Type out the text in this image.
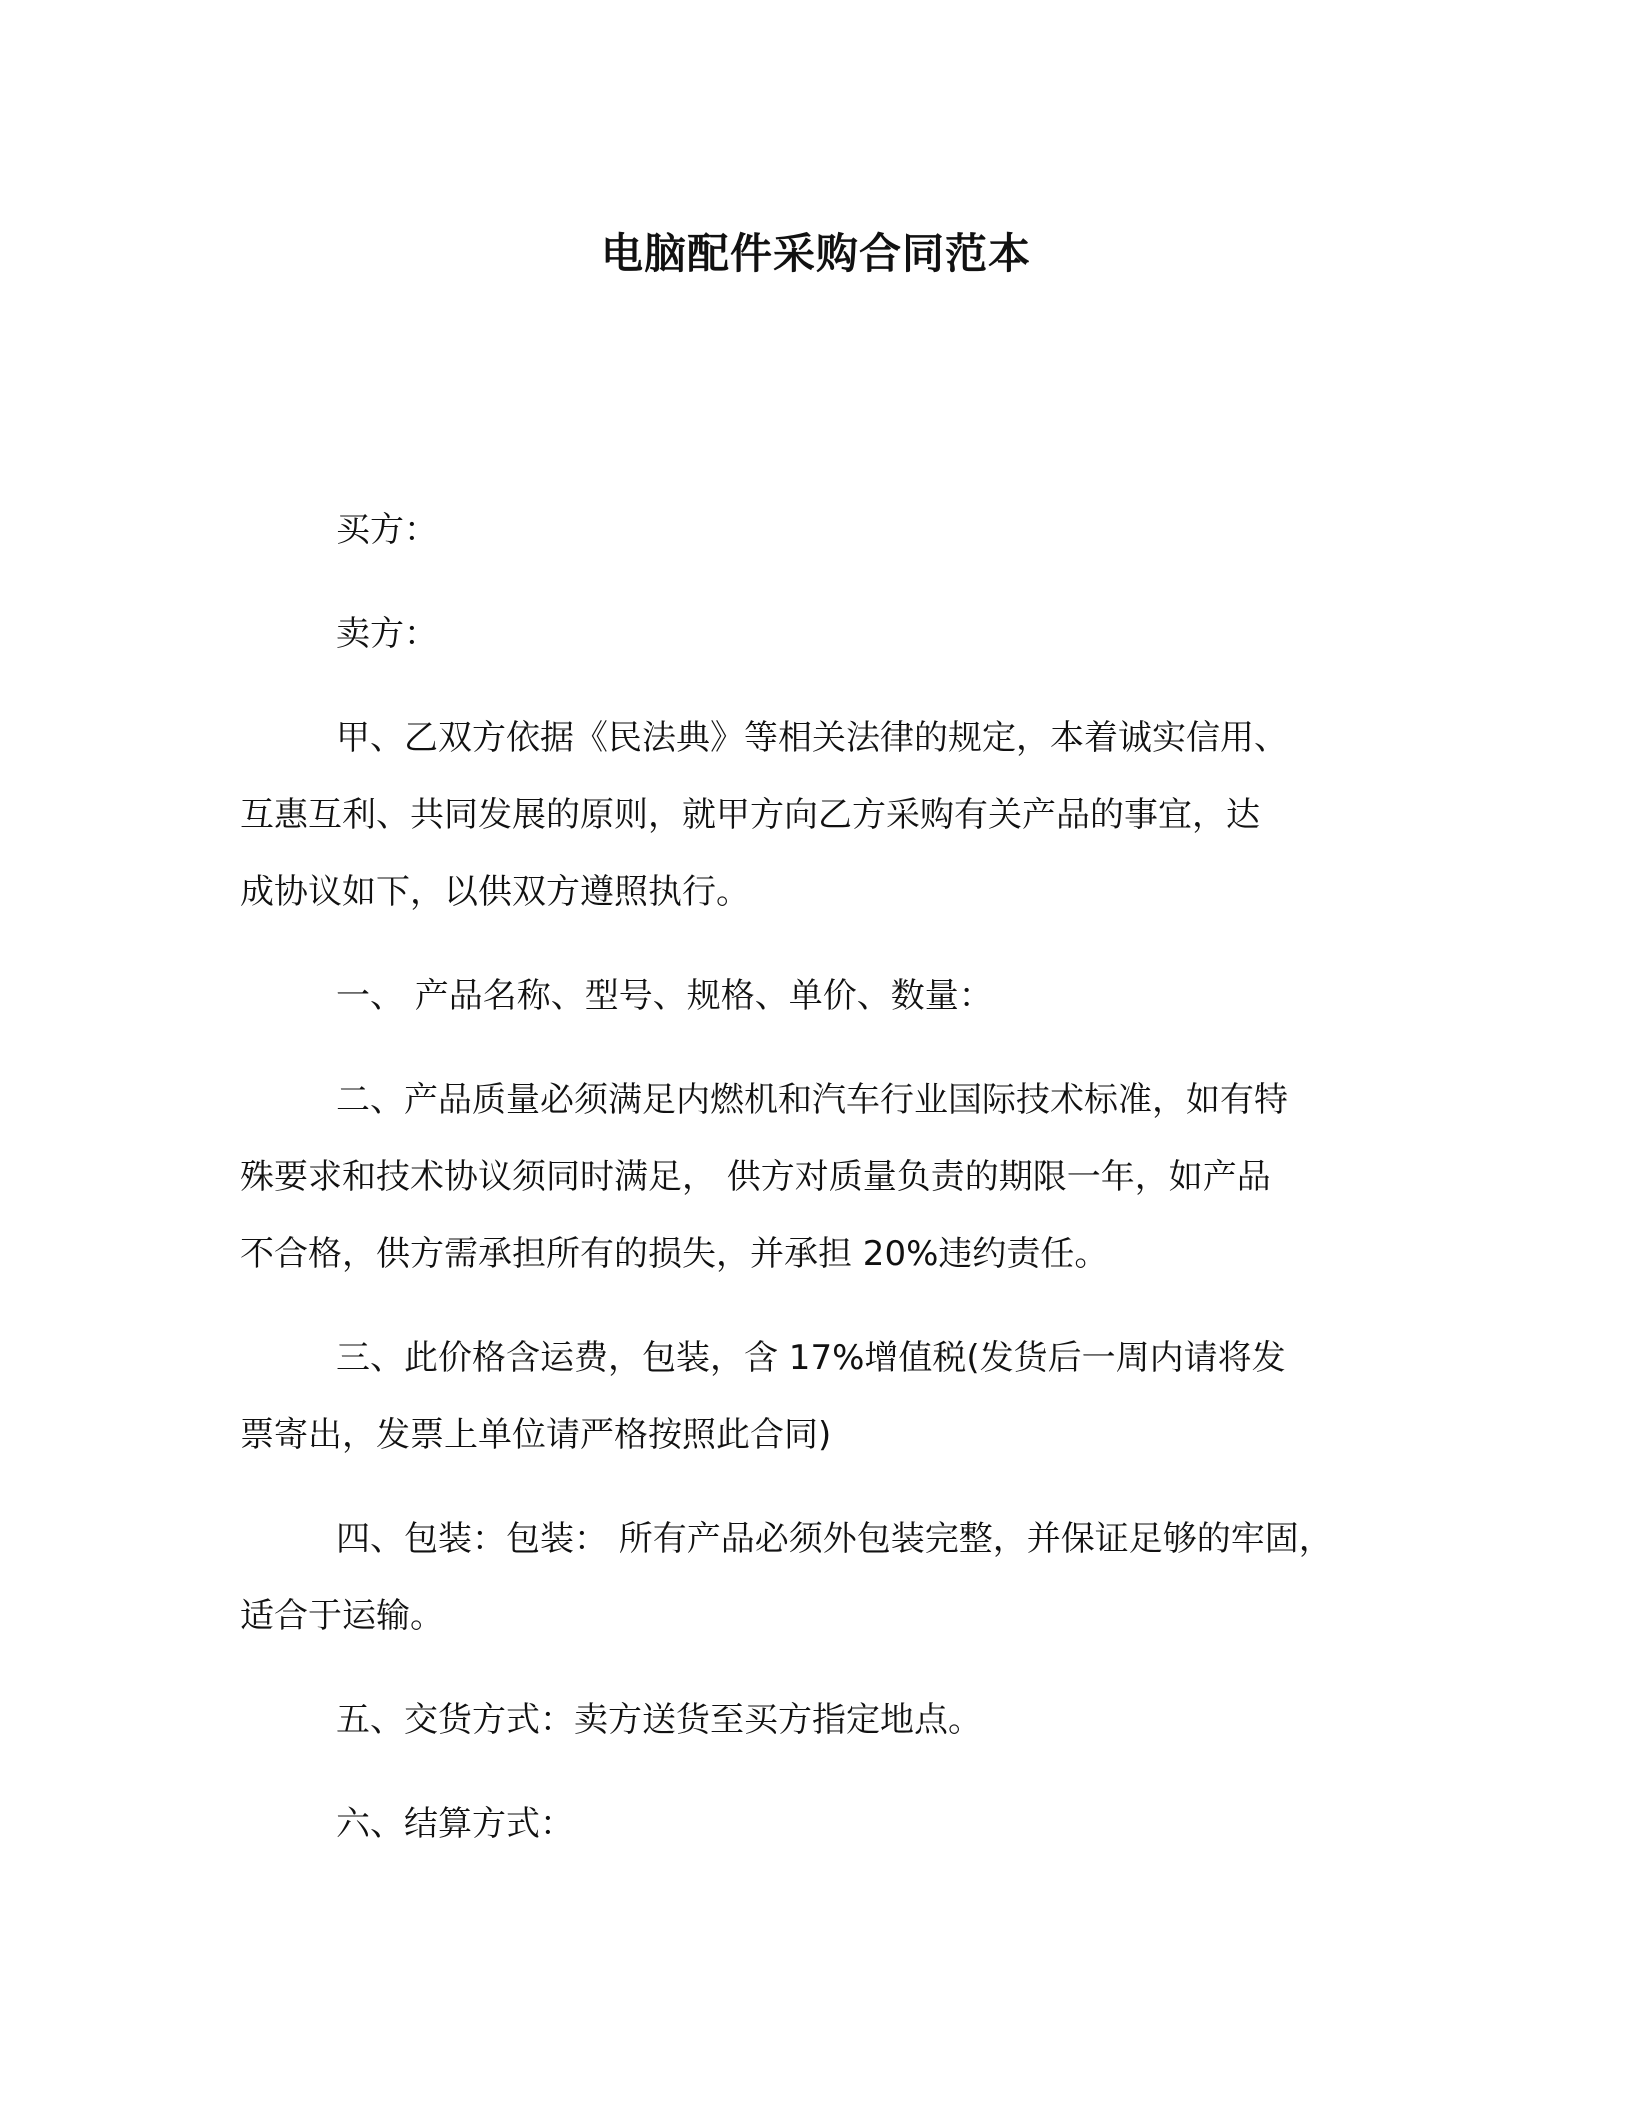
电脑配件采购合同范本
买方：
卖方：
甲、乙双方依据《民法典》等相关法律的规定，本着诚实信用、
互惠互利、共同发展的原则，就甲方向乙方采购有关产品的事宜，达
成协议如下，以供双方遵照执行。
一、 产品名称、型号、规格、单价、数量：
二、产品质量必须满足内燃机和汽车行业国际技术标准，如有特
殊要求和技术协议须同时满足， 供方对质量负责的期限一年，如产品
不合格，供方需承担所有的损失，并承担 20%违约责任。
三、此价格含运费，包装，含 17%增值税(发货后一周内请将发
票寄出，发票上单位请严格按照此合同)
四、包装：包装： 所有产品必须外包装完整，并保证足够的牢固，
适合于运输。
五、交货方式：卖方送货至买方指定地点。
六、结算方式：
